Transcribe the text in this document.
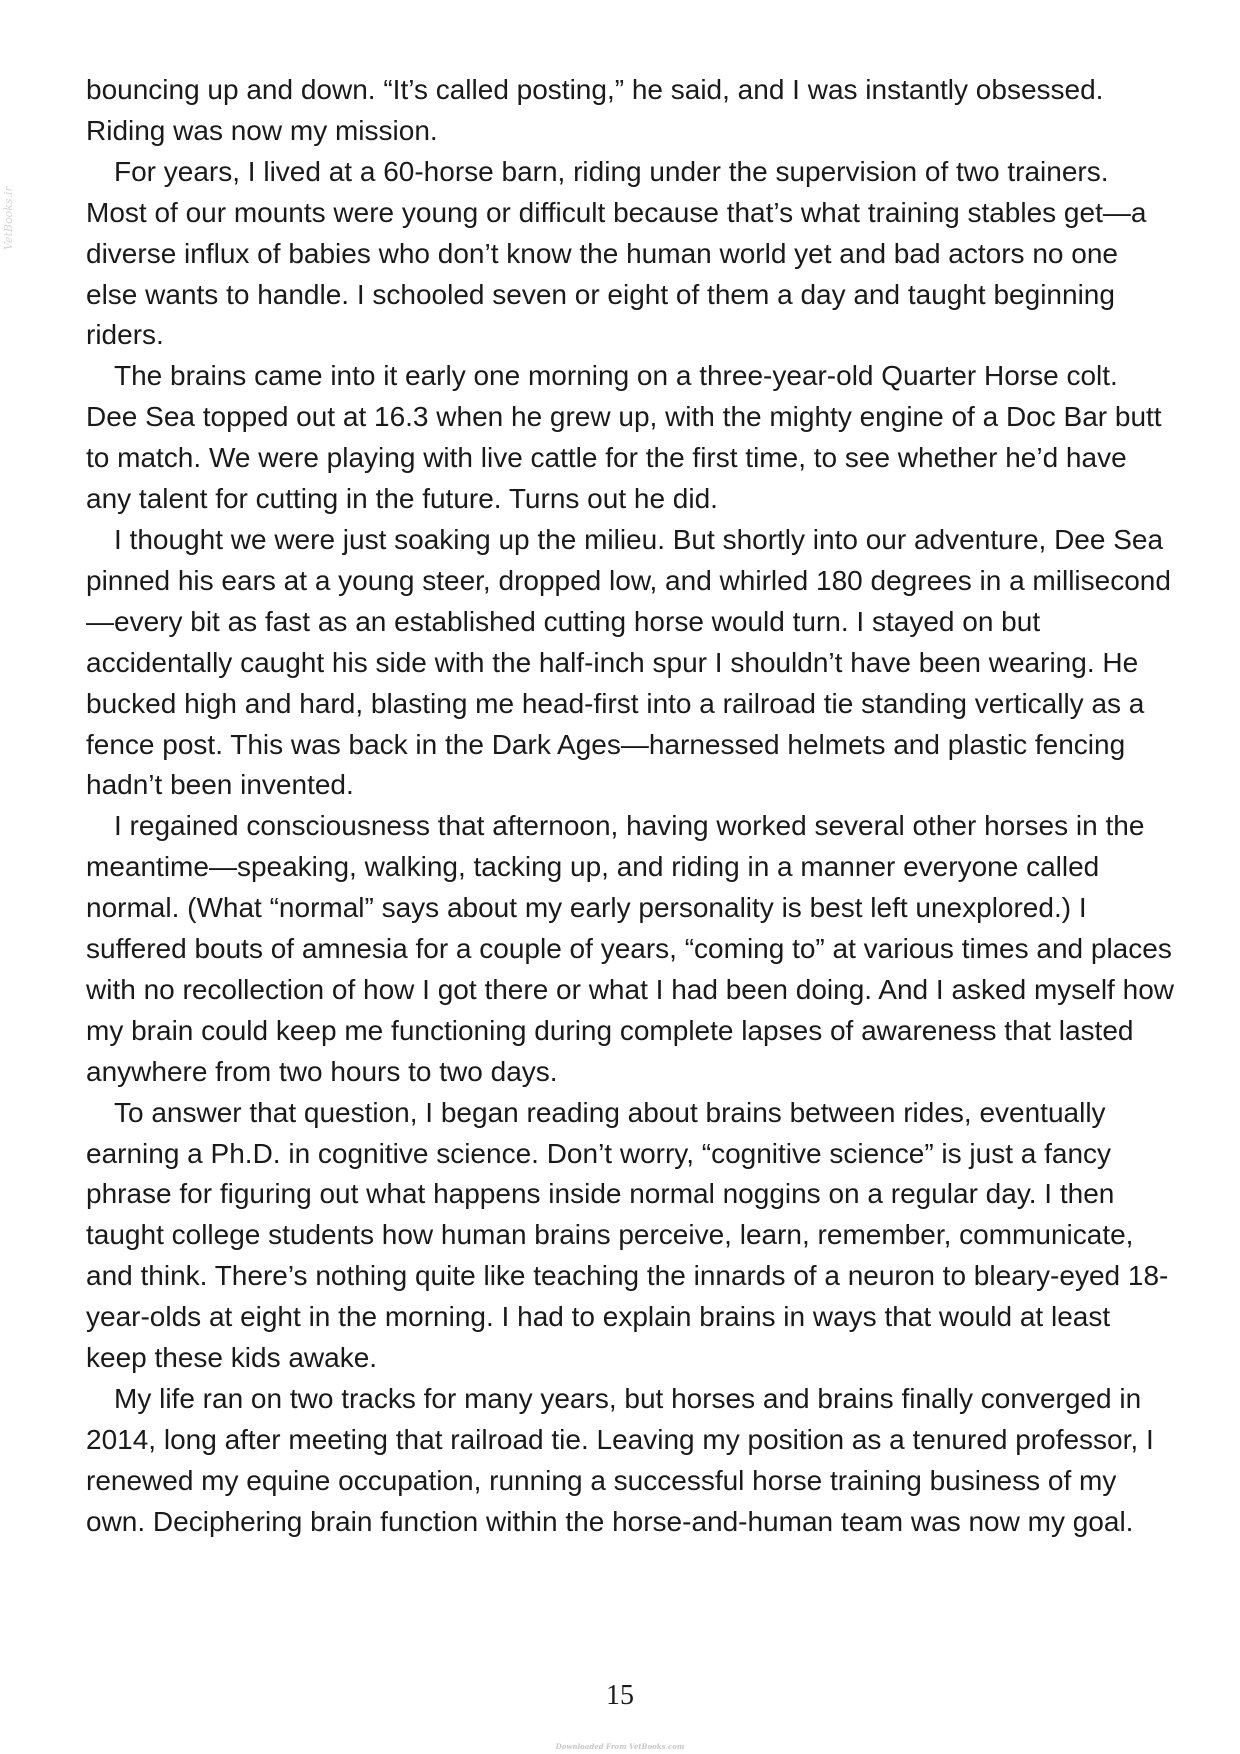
VetBooks.ir

bouncing up and down. “It’s called posting,” he said, and I was instantly obsessed. Riding was now my mission.

For years, I lived at a 60-horse barn, riding under the supervision of two trainers. Most of our mounts were young or difficult because that’s what training stables get—a diverse influx of babies who don’t know the human world yet and bad actors no one else wants to handle. I schooled seven or eight of them a day and taught beginning riders.

The brains came into it early one morning on a three-year-old Quarter Horse colt. Dee Sea topped out at 16.3 when he grew up, with the mighty engine of a Doc Bar butt to match. We were playing with live cattle for the first time, to see whether he’d have any talent for cutting in the future. Turns out he did.

I thought we were just soaking up the milieu. But shortly into our adventure, Dee Sea pinned his ears at a young steer, dropped low, and whirled 180 degrees in a millisecond—every bit as fast as an established cutting horse would turn. I stayed on but accidentally caught his side with the half-inch spur I shouldn’t have been wearing. He bucked high and hard, blasting me head-first into a railroad tie standing vertically as a fence post. This was back in the Dark Ages—harnessed helmets and plastic fencing hadn’t been invented.

I regained consciousness that afternoon, having worked several other horses in the meantime—speaking, walking, tacking up, and riding in a manner everyone called normal. (What “normal” says about my early personality is best left unexplored.) I suffered bouts of amnesia for a couple of years, “coming to” at various times and places with no recollection of how I got there or what I had been doing. And I asked myself how my brain could keep me functioning during complete lapses of awareness that lasted anywhere from two hours to two days.

To answer that question, I began reading about brains between rides, eventually earning a Ph.D. in cognitive science. Don’t worry, “cognitive science” is just a fancy phrase for figuring out what happens inside normal noggins on a regular day. I then taught college students how human brains perceive, learn, remember, communicate, and think. There’s nothing quite like teaching the innards of a neuron to bleary-eyed 18-year-olds at eight in the morning. I had to explain brains in ways that would at least keep these kids awake.

My life ran on two tracks for many years, but horses and brains finally converged in 2014, long after meeting that railroad tie. Leaving my position as a tenured professor, I renewed my equine occupation, running a successful horse training business of my own. Deciphering brain function within the horse-and-human team was now my goal.

15
Downloaded From VetBooks.com
